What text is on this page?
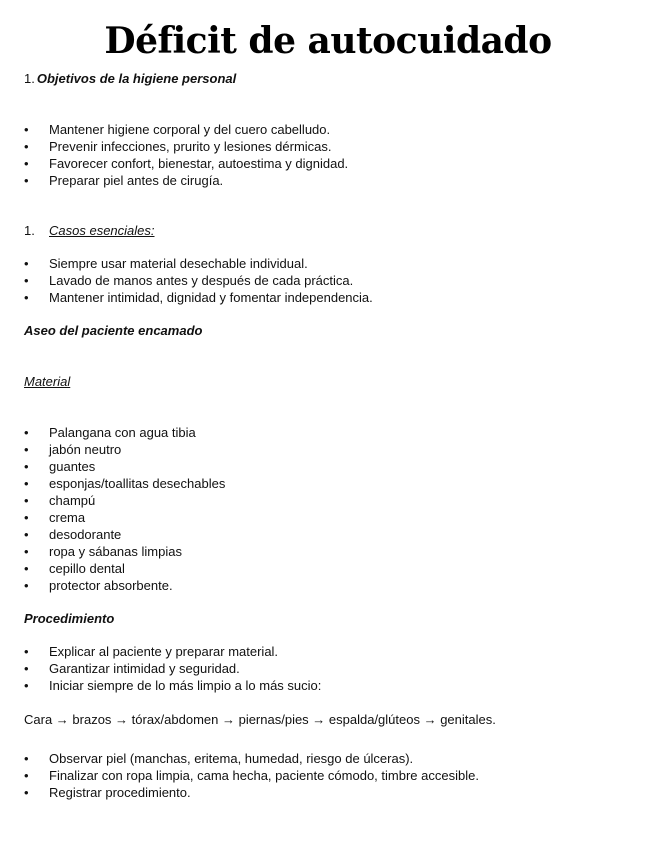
Déficit de autocuidado
1. Objetivos de la higiene personal
• Mantener higiene corporal y del cuero cabelludo.
• Prevenir infecciones, prurito y lesiones dérmicas.
• Favorecer confort, bienestar, autoestima y dignidad.
• Preparar piel antes de cirugía.
1. Casos esenciales:
• Siempre usar material desechable individual.
• Lavado de manos antes y después de cada práctica.
• Mantener intimidad, dignidad y fomentar independencia.
Aseo del paciente encamado
Material
• Palangana con agua tibia
• jabón neutro
• guantes
• esponjas/toallitas desechables
• champú
• crema
• desodorante
• ropa y sábanas limpias
• cepillo dental
• protector absorbente.
Procedimiento
• Explicar al paciente y preparar material.
• Garantizar intimidad y seguridad.
• Iniciar siempre de lo más limpio a lo más sucio:
Cara → brazos → tórax/abdomen → piernas/pies → espalda/glúteos → genitales.
• Observar piel (manchas, eritema, humedad, riesgo de úlceras).
• Finalizar con ropa limpia, cama hecha, paciente cómodo, timbre accesible.
• Registrar procedimiento.
